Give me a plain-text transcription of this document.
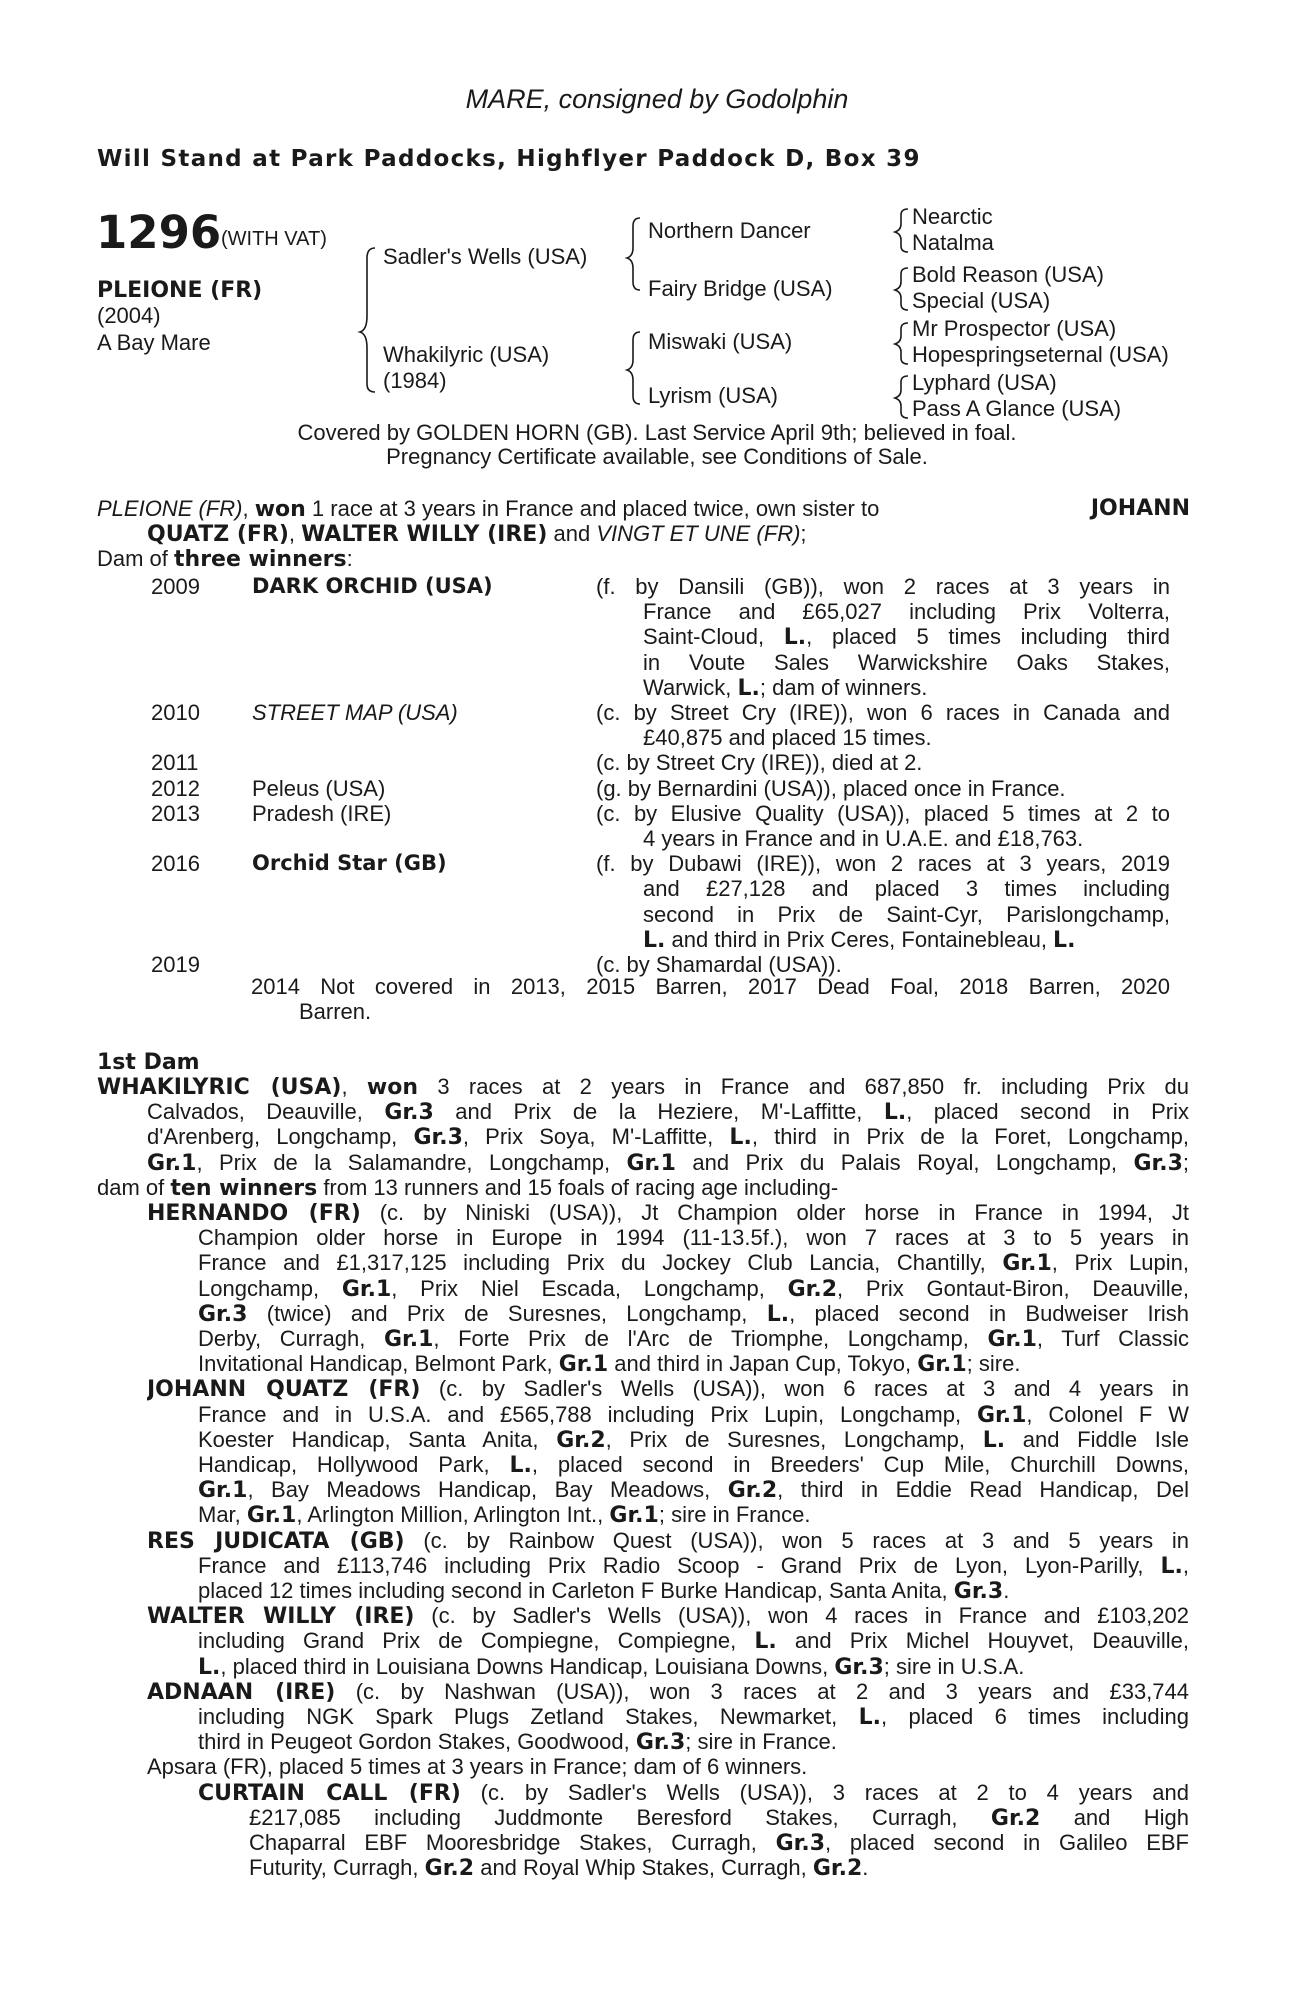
MARE, consigned by Godolphin
Will Stand at Park Paddocks, Highflyer Paddock D, Box 39
1296 (WITH VAT)
PLEIONE (FR)
(2004)
A Bay Mare
Sadler's Wells (USA)
Whakilyric (USA)
(1984)
Northern Dancer
Fairy Bridge (USA)
Miswaki (USA)
Lyrism (USA)
Nearctic
Natalma
Bold Reason (USA)
Special (USA)
Mr Prospector (USA)
Hopespringseternal (USA)
Lyphard (USA)
Pass A Glance (USA)
Covered by GOLDEN HORN (GB). Last Service April 9th; believed in foal.
Pregnancy Certificate available, see Conditions of Sale.
PLEIONE (FR), won 1 race at 3 years in France and placed twice, own sister to	JOHANN
QUATZ (FR), WALTER WILLY (IRE) and VINGT ET UNE (FR);
Dam of three winners:
2009 DARK ORCHID (USA)	(f. by Dansili (GB)), won 2 races at 3 years in
France and £65,027 including Prix Volterra,
Saint-Cloud, L., placed 5 times including third
in Voute Sales Warwickshire Oaks Stakes,
Warwick, L.; dam of winners.
2010 STREET MAP (USA)	(c. by Street Cry (IRE)), won 6 races in Canada and
£40,875 and placed 15 times.
2011	(c. by Street Cry (IRE)), died at 2.
2012 Peleus (USA)	(g. by Bernardini (USA)), placed once in France.
2013 Pradesh (IRE)	(c. by Elusive Quality (USA)), placed 5 times at 2 to
4 years in France and in U.A.E. and £18,763.
2016 Orchid Star (GB)	(f. by Dubawi (IRE)), won 2 races at 3 years, 2019
and £27,128 and placed 3 times including
second in Prix de Saint-Cyr, Parislongchamp,
L. and third in Prix Ceres, Fontainebleau, L.
2019	(c. by Shamardal (USA)).
2014 Not covered in 2013, 2015 Barren, 2017 Dead Foal, 2018 Barren, 2020
Barren.
1st Dam
WHAKILYRIC (USA), won 3 races at 2 years in France and 687,850 fr. including Prix du
Calvados, Deauville, Gr.3 and Prix de la Heziere, M'-Laffitte, L., placed second in Prix
d'Arenberg, Longchamp, Gr.3, Prix Soya, M'-Laffitte, L., third in Prix de la Foret, Longchamp,
Gr.1, Prix de la Salamandre, Longchamp, Gr.1 and Prix du Palais Royal, Longchamp, Gr.3;
dam of ten winners from 13 runners and 15 foals of racing age including-
HERNANDO (FR) (c. by Niniski (USA)), Jt Champion older horse in France in 1994, Jt
Champion older horse in Europe in 1994 (11-13.5f.), won 7 races at 3 to 5 years in
France and £1,317,125 including Prix du Jockey Club Lancia, Chantilly, Gr.1, Prix Lupin,
Longchamp, Gr.1, Prix Niel Escada, Longchamp, Gr.2, Prix Gontaut-Biron, Deauville,
Gr.3 (twice) and Prix de Suresnes, Longchamp, L., placed second in Budweiser Irish
Derby, Curragh, Gr.1, Forte Prix de l'Arc de Triomphe, Longchamp, Gr.1, Turf Classic
Invitational Handicap, Belmont Park, Gr.1 and third in Japan Cup, Tokyo, Gr.1; sire.
JOHANN QUATZ (FR) (c. by Sadler's Wells (USA)), won 6 races at 3 and 4 years in
France and in U.S.A. and £565,788 including Prix Lupin, Longchamp, Gr.1, Colonel F W
Koester Handicap, Santa Anita, Gr.2, Prix de Suresnes, Longchamp, L. and Fiddle Isle
Handicap, Hollywood Park, L., placed second in Breeders' Cup Mile, Churchill Downs,
Gr.1, Bay Meadows Handicap, Bay Meadows, Gr.2, third in Eddie Read Handicap, Del
Mar, Gr.1, Arlington Million, Arlington Int., Gr.1; sire in France.
RES JUDICATA (GB) (c. by Rainbow Quest (USA)), won 5 races at 3 and 5 years in
France and £113,746 including Prix Radio Scoop - Grand Prix de Lyon, Lyon-Parilly, L.,
placed 12 times including second in Carleton F Burke Handicap, Santa Anita, Gr.3.
WALTER WILLY (IRE) (c. by Sadler's Wells (USA)), won 4 races in France and £103,202
including Grand Prix de Compiegne, Compiegne, L. and Prix Michel Houyvet, Deauville,
L., placed third in Louisiana Downs Handicap, Louisiana Downs, Gr.3; sire in U.S.A.
ADNAAN (IRE) (c. by Nashwan (USA)), won 3 races at 2 and 3 years and £33,744
including NGK Spark Plugs Zetland Stakes, Newmarket, L., placed 6 times including
third in Peugeot Gordon Stakes, Goodwood, Gr.3; sire in France.
Apsara (FR), placed 5 times at 3 years in France; dam of 6 winners.
CURTAIN CALL (FR) (c. by Sadler's Wells (USA)), 3 races at 2 to 4 years and
£217,085 including Juddmonte Beresford Stakes, Curragh, Gr.2 and High
Chaparral EBF Mooresbridge Stakes, Curragh, Gr.3, placed second in Galileo EBF
Futurity, Curragh, Gr.2 and Royal Whip Stakes, Curragh, Gr.2.
